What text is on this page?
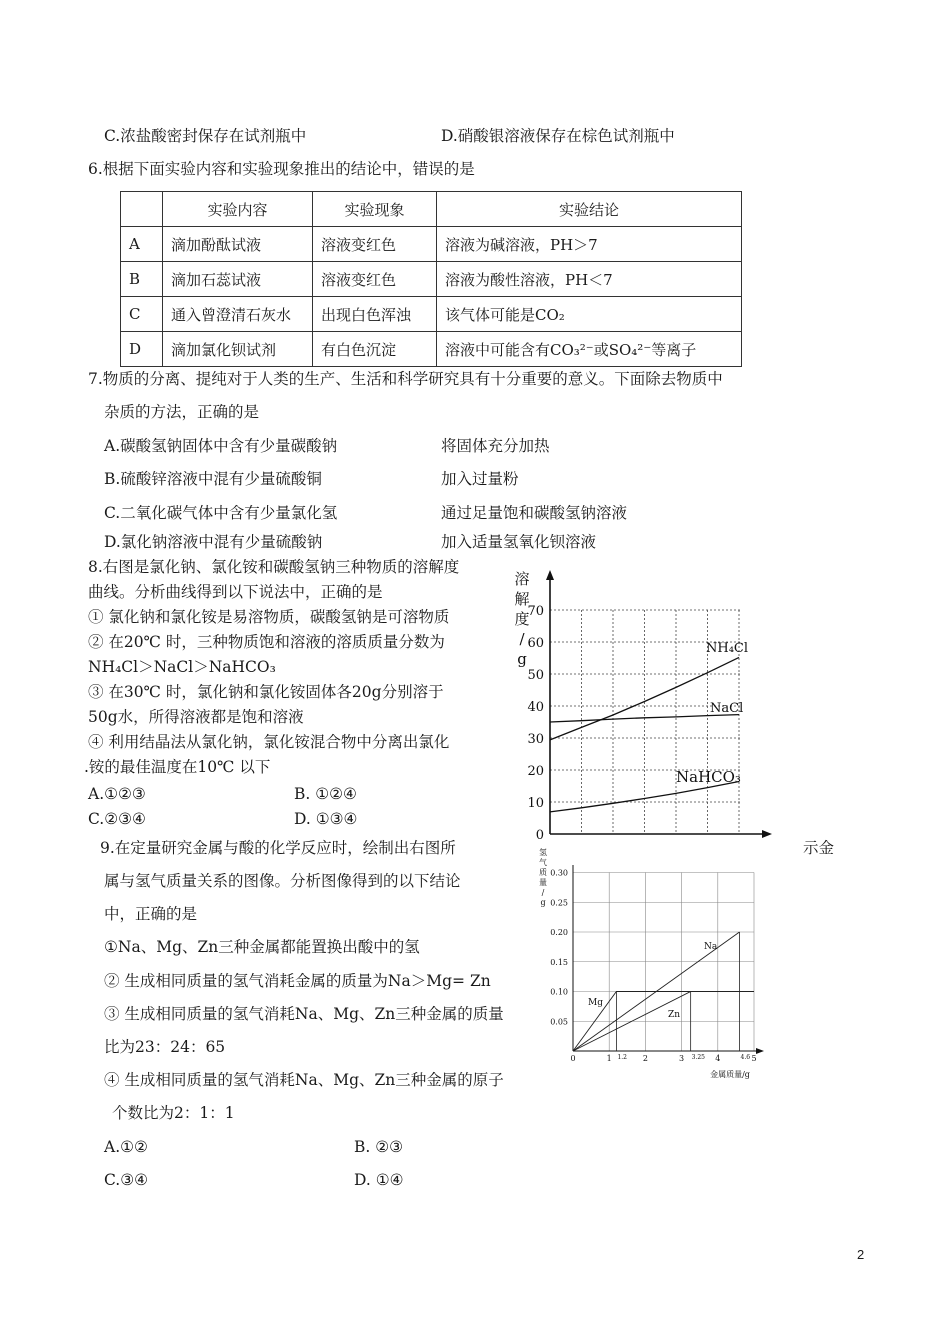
C.浓盐酸密封保存在试剂瓶中	D.硝酸银溶液保存在棕色试剂瓶中
6.根据下面实验内容和实验现象推出的结论中，错误的是
	实验内容	实验现象	实验结论
A	滴加酚酞试液	溶液变红色	溶液为碱溶液，PH＞7
B	滴加石蕊试液	溶液变红色	溶液为酸性溶液，PH＜7
C	通入曾澄清石灰水	出现白色浑浊	该气体可能是CO₂
D	滴加氯化钡试剂	有白色沉淀	溶液中可能含有CO₃²⁻或SO₄²⁻等离子
7.物质的分离、提纯对于人类的生产、生活和科学研究具有十分重要的意义。下面除去物质中
杂质的方法，正确的是
A.碳酸氢钠固体中含有少量碳酸钠	将固体充分加热
B.硫酸锌溶液中混有少量硫酸铜	加入过量粉
C.二氧化碳气体中含有少量氯化氢	通过足量饱和碳酸氢钠溶液
D.氯化钠溶液中混有少量硫酸钠	加入适量氢氧化钡溶液
8.右图是氯化钠、氯化铵和碳酸氢钠三种物质的溶解度
曲线。分析曲线得到以下说法中，正确的是
① 氯化钠和氯化铵是易溶物质，碳酸氢钠是可溶物质
② 在20℃ 时，三种物质饱和溶液的溶质质量分数为
NH₄Cl＞NaCl＞NaHCO₃
③ 在30℃ 时，氯化钠和氯化铵固体各20g分别溶于
50g水，所得溶液都是饱和溶液
④ 利用结晶法从氯化钠，氯化铵混合物中分离出氯化
.铵的最佳温度在10℃ 以下
A.①②③	B. ①②④
C.②③④	D. ①③④
9.在定量研究金属与酸的化学反应时，绘制出右图所	示金
属与氢气质量关系的图像。分析图像得到的以下结论
中，正确的是
①Na、Mg、Zn三种金属都能置换出酸中的氢
② 生成相同质量的氢气消耗金属的质量为Na＞Mg= Zn
③ 生成相同质量的氢气消耗Na、Mg、Zn三种金属的质量
比为23：24：65
④ 生成相同质量的氢气消耗Na、Mg、Zn三种金属的原子
个数比为2：1：1
A.①②	B. ②③
C.③④	D. ①④
溶
解
度
/
g
0
10
20
30
40
50
60
70
NH₄Cl
NaCl
NaHCO₃
氢
气
质
量
/
g
金属质量/g
0.05
0.10
0.15
0.20
0.25
0.30
0	1 1.2 2	3 3.25 4	4.6 5
Na
Mg
Zn
2
